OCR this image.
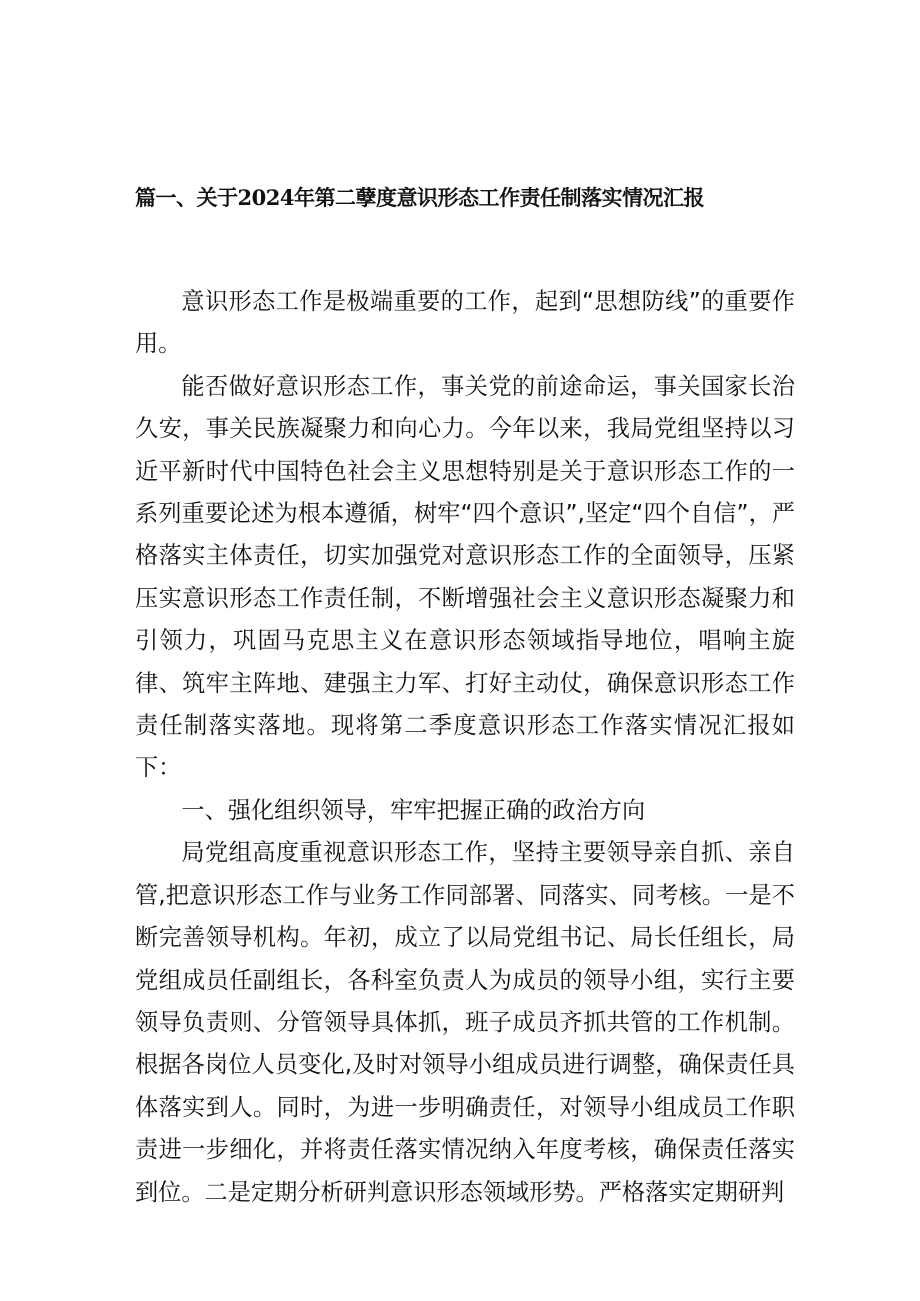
篇一、关于2024年第二孽度意识形态工作责任制落实情况汇报

意识形态工作是极端重要的工作，起到“思想防线”的重要作用。

能否做好意识形态工作，事关党的前途命运，事关国家长治久安，事关民族凝聚力和向心力。今年以来，我局党组坚持以习近平新时代中国特色社会主义思想特别是关于意识形态工作的一系列重要论述为根本遵循，树牢“四个意识”,坚定“四个自信”，严格落实主体责任，切实加强党对意识形态工作的全面领导，压紧压实意识形态工作责任制，不断增强社会主义意识形态凝聚力和引领力，巩固马克思主义在意识形态领域指导地位，唱响主旋律、筑牢主阵地、建强主力军、打好主动仗，确保意识形态工作责任制落实落地。现将第二季度意识形态工作落实情况汇报如下：

一、强化组织领导，牢牢把握正确的政治方向

局党组高度重视意识形态工作，坚持主要领导亲自抓、亲自管,把意识形态工作与业务工作同部署、同落实、同考核。一是不断完善领导机构。年初，成立了以局党组书记、局长任组长，局党组成员任副组长，各科室负责人为成员的领导小组，实行主要领导负责则、分管领导具体抓，班子成员齐抓共管的工作机制。根据各岗位人员变化,及时对领导小组成员进行调整，确保责任具体落实到人。同时，为进一步明确责任，对领导小组成员工作职责进一步细化，并将责任落实情况纳入年度考核，确保责任落实到位。二是定期分析研判意识形态领域形势。严格落实定期研判
